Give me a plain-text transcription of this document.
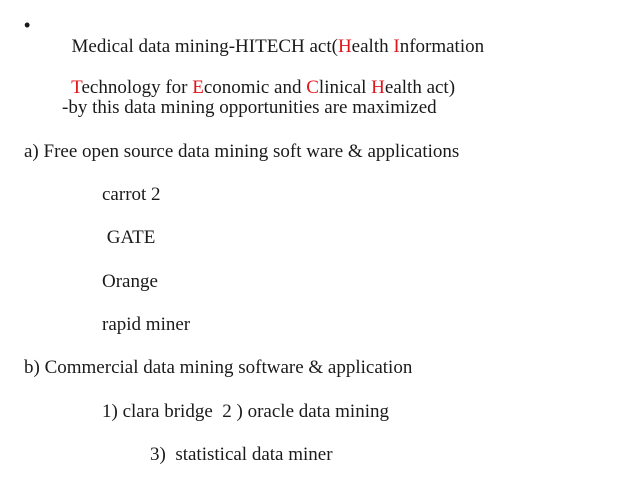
•

Medical data mining-HITECH act(Health Information

Technology for Economic and Clinical Health act)

-by this data mining opportunities are maximized
a) Free open source data mining soft ware & applications
carrot 2
GATE
Orange
rapid miner
b) Commercial data mining software & application
1) clara bridge  2 ) oracle data mining
3)  statistical data miner
